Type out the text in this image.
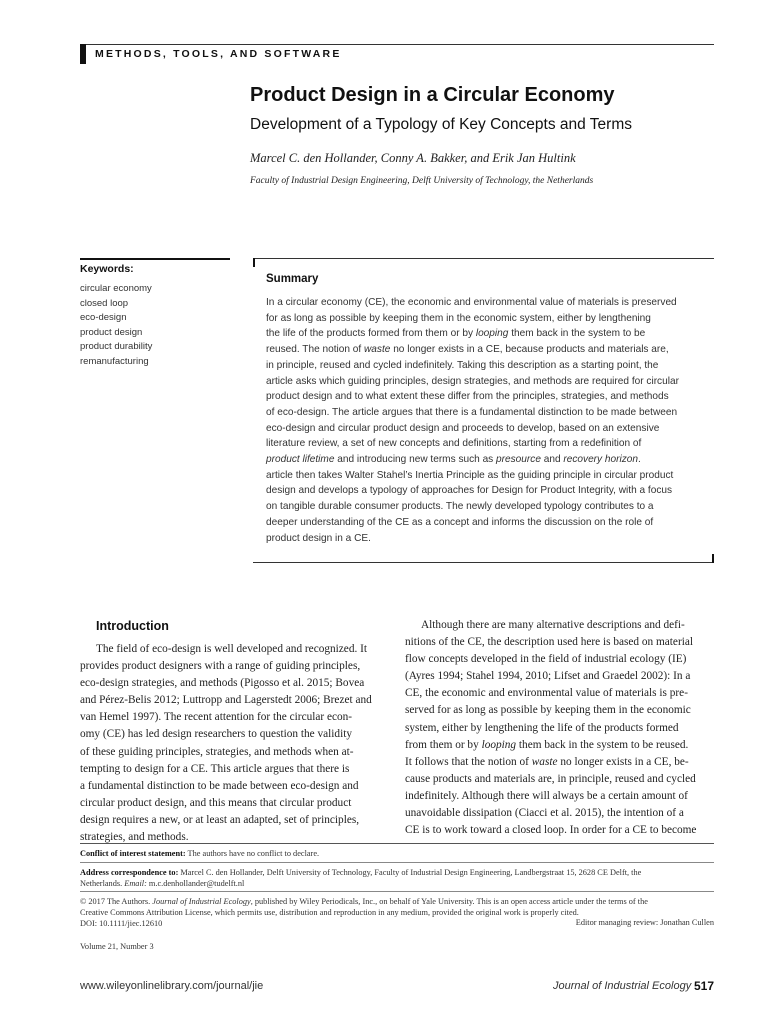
METHODS, TOOLS, AND SOFTWARE
Product Design in a Circular Economy
Development of a Typology of Key Concepts and Terms
Marcel C. den Hollander, Conny A. Bakker, and Erik Jan Hultink
Faculty of Industrial Design Engineering, Delft University of Technology, the Netherlands
Keywords:
circular economy
closed loop
eco-design
product design
product durability
remanufacturing
Summary

In a circular economy (CE), the economic and environmental value of materials is preserved
for as long as possible by keeping them in the economic system, either by lengthening
the life of the products formed from them or by looping them back in the system to be
reused. The notion of waste no longer exists in a CE, because products and materials are,
in principle, reused and cycled indefinitely. Taking this description as a starting point, the
article asks which guiding principles, design strategies, and methods are required for circular
product design and to what extent these differ from the principles, strategies, and methods
of eco-design. The article argues that there is a fundamental distinction to be made between
eco-design and circular product design and proceeds to develop, based on an extensive
literature review, a set of new concepts and definitions, starting from a redefinition of
product lifetime and introducing new terms such as presource and recovery horizon.
article then takes Walter Stahel’s Inertia Principle as the guiding principle in circular product
design and develops a typology of approaches for Design for Product Integrity, with a focus
on tangible durable consumer products. The newly developed typology contributes to a
deeper understanding of the CE as a concept and informs the discussion on the role of
product design in a CE.

Introduction

The field of eco-design is well developed and recognized. It
provides product designers with a range of guiding principles,
eco-design strategies, and methods (Pigosso et al. 2015; Bovea
and Pérez-Belis 2012; Luttropp and Lagerstedt 2006; Brezet and
van Hemel 1997). The recent attention for the circular econ-
omy (CE) has led design researchers to question the validity
of these guiding principles, strategies, and methods when at-
tempting to design for a CE. This article argues that there is
a fundamental distinction to be made between eco-design and
circular product design, and this means that circular product
design requires a new, or at least an adapted, set of principles,
strategies, and methods.

Although there are many alternative descriptions and defi-
nitions of the CE, the description used here is based on material
flow concepts developed in the field of industrial ecology (IE)
(Ayres 1994; Stahel 1994, 2010; Lifset and Graedel 2002): In a
CE, the economic and environmental value of materials is pre-
served for as long as possible by keeping them in the economic
system, either by lengthening the life of the products formed
from them or by looping them back in the system to be reused.
It follows that the notion of waste no longer exists in a CE, be-
cause products and materials are, in principle, reused and cycled
indefinitely. Although there will always be a certain amount of
unavoidable dissipation (Ciacci et al. 2015), the intention of a
CE is to work toward a closed loop. In order for a CE to become

Conflict of interest statement: The authors have no conflict to declare.

Address correspondence to: Marcel C. den Hollander, Delft University of Technology, Faculty of Industrial Design Engineering, Landbergstraat 15, 2628 CE Delft, the
Netherlands. Email: m.c.denhollander@tudelft.nl

© 2017 The Authors. Journal of Industrial Ecology, published by Wiley Periodicals, Inc., on behalf of Yale University. This is an open access article under the terms of the
Creative Commons Attribution License, which permits use, distribution and reproduction in any medium, provided the original work is properly cited.
DOI: 10.1111/jiec.12610	Editor managing review: Jonathan Cullen
Volume 21, Number 3
www.wileyonlinelibrary.com/journal/jie	Journal of Industrial Ecology 517
